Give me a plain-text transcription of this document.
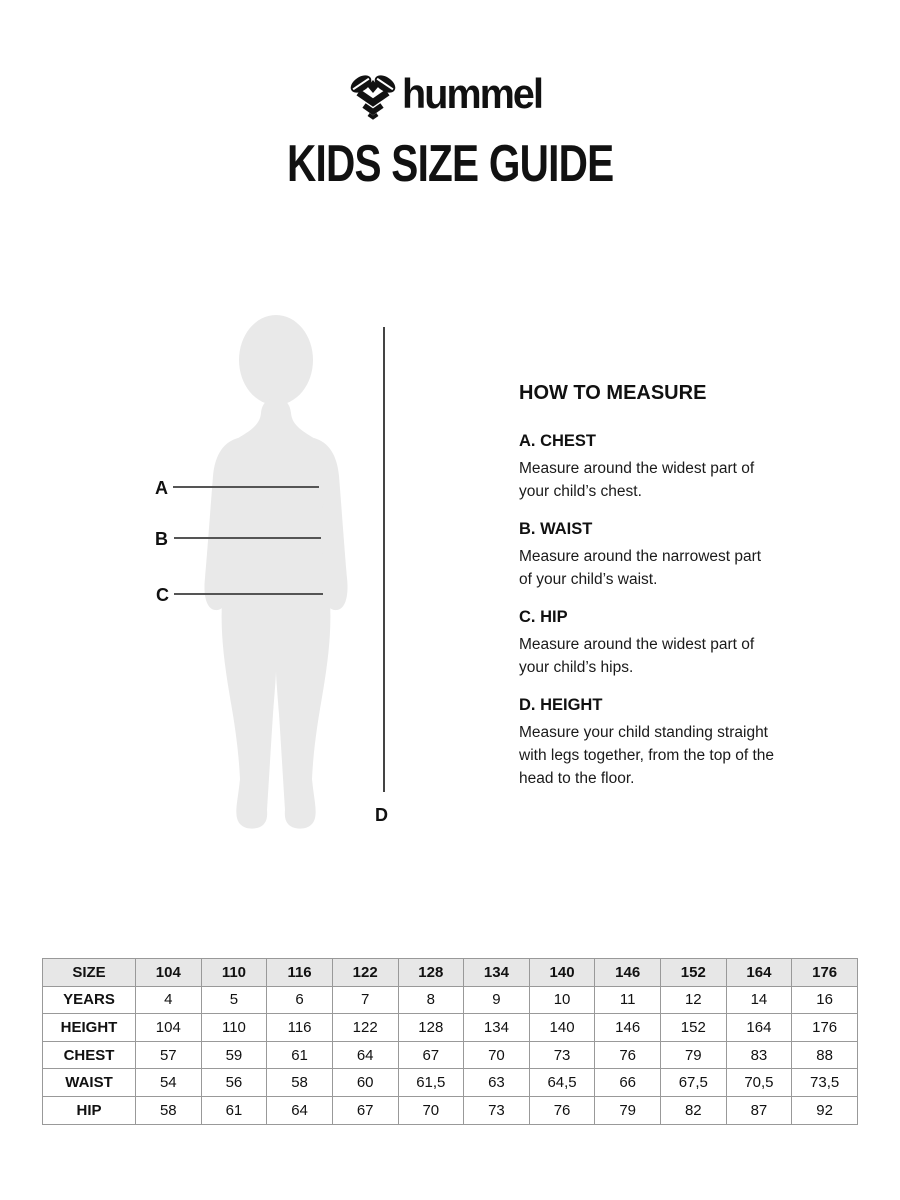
hummel
KIDS SIZE GUIDE
A
B
C
D
HOW TO MEASURE
A. CHEST
Measure around the widest part of your child’s chest.
B. WAIST
Measure around the narrowest part of your child’s waist.
C. HIP
Measure around the widest part of your child’s hips.
D. HEIGHT
Measure your child standing straight with legs together, from the top of the head to the floor.
SIZE	104	110	116	122	128	134	140	146	152	164	176
YEARS	4	5	6	7	8	9	10	11	12	14	16
HEIGHT	104	110	116	122	128	134	140	146	152	164	176
CHEST	57	59	61	64	67	70	73	76	79	83	88
WAIST	54	56	58	60	61,5	63	64,5	66	67,5	70,5	73,5
HIP	58	61	64	67	70	73	76	79	82	87	92
